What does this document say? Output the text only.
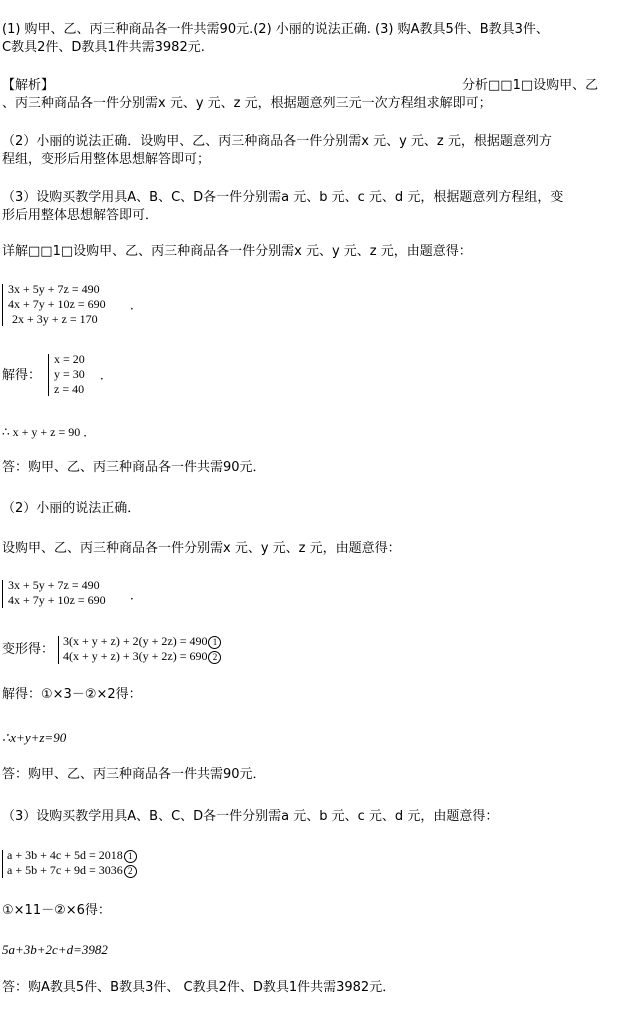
(1) 购甲、乙、丙三种商品各一件共需90元.(2) 小丽的说法正确. (3) 购A教具5件、B教具3件、
C教具2件、D教具1件共需3982元.
【解析】	分析□□1□设购甲、乙
、丙三种商品各一件分别需x 元、y 元、z 元，根据题意列三元一次方程组求解即可；
（2）小丽的说法正确．设购甲、乙、丙三种商品各一件分别需x 元、y 元、z 元，根据题意列方
程组，变形后用整体思想解答即可；
（3）设购买教学用具A、B、C、D各一件分别需a 元、b 元、c 元、d 元，根据题意列方程组，变
形后用整体思想解答即可．
详解□□1□设购甲、乙、丙三种商品各一件分别需x 元、y 元、z 元，由题意得：
3x + 5y + 7z = 490
4x + 7y + 10z = 690
2x + 3y + z = 170
．
解得：
x = 20
y = 30
z = 40
．
∴ x + y + z = 90 ．
答：购甲、乙、丙三种商品各一件共需90元．
（2）小丽的说法正确．
设购甲、乙、丙三种商品各一件分别需x 元、y 元、z 元，由题意得：
3x + 5y + 7z = 490
4x + 7y + 10z = 690 ．
变形得：
3(x + y + z) + 2(y + 2z) = 490 1
4(x + y + z) + 3(y + 2z) = 690 2
解得：①×3－②×2得：
∴x+y+z=90
答：购甲、乙、丙三种商品各一件共需90元．
（3）设购买教学用具A、B、C、D各一件分别需a 元、b 元、c 元、d 元，由题意得：
a + 3b + 4c + 5d = 2018 1
a + 5b + 7c + 9d = 3036 2
①×11－②×6得：
5a+3b+2c+d=3982
答：购A教具5件、B教具3件、 C教具2件、D教具1件共需3982元．
